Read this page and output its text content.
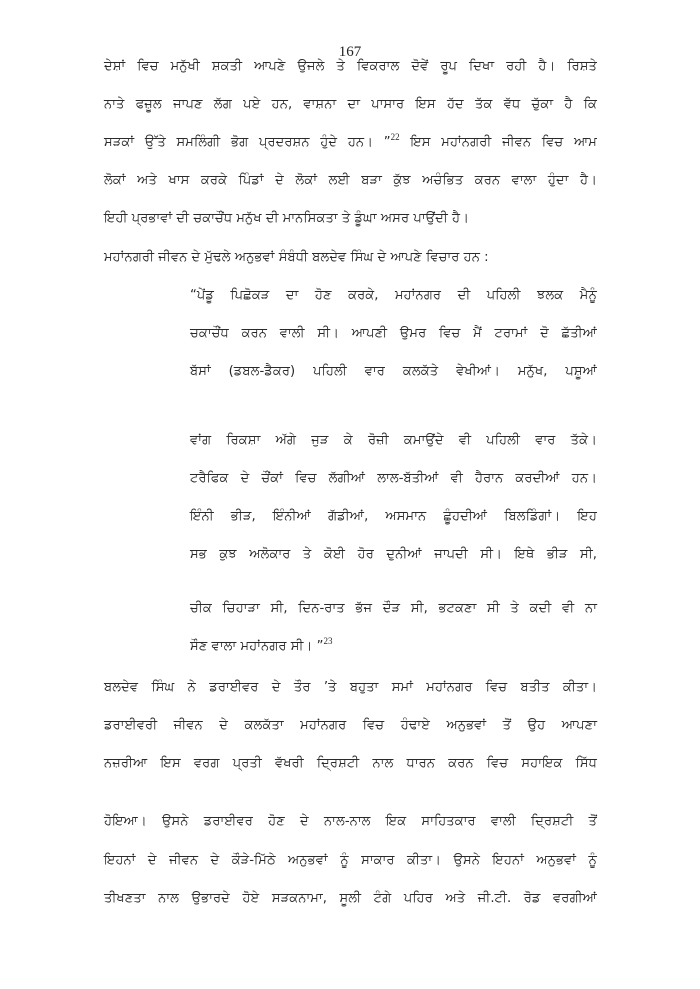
167
ਦੇਸ਼ਾਂ ਵਿਚ ਮਨੁੱਖੀ ਸ਼ਕਤੀ ਆਪਣੇ ਉਜਲੇ ਤੇ ਵਿਕਰਾਲ ਦੋਵੇਂ ਰੂਪ ਦਿਖਾ ਰਹੀ ਹੈ। ਰਿਸ਼ਤੇ
ਨਾਤੇ ਫਜ਼ੂਲ ਜਾਪਣ ਲੱਗ ਪਏ ਹਨ, ਵਾਸ਼ਨਾ ਦਾ ਪਾਸਾਰ ਇਸ ਹੱਦ ਤੱਕ ਵੱਧ ਚੁੱਕਾ ਹੈ ਕਿ
ਸੜਕਾਂ ਉੱਤੇ ਸਮਲਿੰਗੀ ਭੋਗ ਪ੍ਰਦਰਸ਼ਨ ਹੁੰਦੇ ਹਨ। ”$^{22}$ ਇਸ ਮਹਾਂਨਗਰੀ ਜੀਵਨ ਵਿਚ ਆਮ
ਲੋਕਾਂ ਅਤੇ ਖਾਸ ਕਰਕੇ ਪਿੰਡਾਂ ਦੇ ਲੋਕਾਂ ਲਈ ਬੜਾ ਕੁੱਝ ਅਚੰਭਿਤ ਕਰਨ ਵਾਲਾ ਹੁੰਦਾ ਹੈ।
ਇਹੀ ਪ੍ਰਭਾਵਾਂ ਦੀ ਚਕਾਚੌਂਧ ਮਨੁੱਖ ਦੀ ਮਾਨਸਿਕਤਾ ਤੇ ਡੂੰਘਾ ਅਸਰ ਪਾਉਂਦੀ ਹੈ।
ਮਹਾਂਨਗਰੀ ਜੀਵਨ ਦੇ ਮੁੱਢਲੇ ਅਨੁਭਵਾਂ ਸੰਬੰਧੀ ਬਲਦੇਵ ਸਿੰਘ ਦੇ ਆਪਣੇ ਵਿਚਾਰ ਹਨ :
“ਪੇਂਡੂ ਪਿਛੋਕੜ ਦਾ ਹੋਣ ਕਰਕੇ, ਮਹਾਂਨਗਰ ਦੀ ਪਹਿਲੀ ਝਲਕ ਮੈਨੂੰ
ਚਕਾਚੌਂਧ ਕਰਨ ਵਾਲੀ ਸੀ। ਆਪਣੀ ਉਮਰ ਵਿਚ ਮੈਂ ਟਰਾਮਾਂ ਦੋ ਛੱਤੀਆਂ
ਬੱਸਾਂ (ਡਬਲ-ਡੈਕਰ) ਪਹਿਲੀ ਵਾਰ ਕਲਕੱਤੇ ਵੇਖੀਆਂ। ਮਨੁੱਖ, ਪਸ਼ੂਆਂ
ਵਾਂਗ ਰਿਕਸ਼ਾ ਅੱਗੇ ਜੁੜ ਕੇ ਰੋਜ਼ੀ ਕਮਾਉਂਦੇ ਵੀ ਪਹਿਲੀ ਵਾਰ ਤੱਕੇ।
ਟਰੈਫਿਕ ਦੇ ਚੌਂਕਾਂ ਵਿਚ ਲੱਗੀਆਂ ਲਾਲ-ਬੱਤੀਆਂ ਵੀ ਹੈਰਾਨ ਕਰਦੀਆਂ ਹਨ।
ਇੰਨੀ ਭੀੜ, ਇੰਨੀਆਂ ਗੱਡੀਆਂ, ਅਸਮਾਨ ਛੂੰਹਦੀਆਂ ਬਿਲਡਿੰਗਾਂ। ਇਹ
ਸਭ ਕੁਝ ਅਲੋਕਾਰ ਤੇ ਕੋਈ ਹੋਰ ਦੁਨੀਆਂ ਜਾਪਦੀ ਸੀ। ਇਥੇ ਭੀੜ ਸੀ,
ਚੀਕ ਚਿਹਾੜਾ ਸੀ, ਦਿਨ-ਰਾਤ ਭੱਜ ਦੌੜ ਸੀ, ਭਟਕਣਾ ਸੀ ਤੇ ਕਦੀ ਵੀ ਨਾ
ਸੌਣ ਵਾਲਾ ਮਹਾਂਨਗਰ ਸੀ। ”$^{23}$
ਬਲਦੇਵ ਸਿੰਘ ਨੇ ਡਰਾਈਵਰ ਦੇ ਤੌਰ ’ਤੇ ਬਹੁਤਾ ਸਮਾਂ ਮਹਾਂਨਗਰ ਵਿਚ ਬਤੀਤ ਕੀਤਾ।
ਡਰਾਈਵਰੀ ਜੀਵਨ ਦੇ ਕਲਕੱਤਾ ਮਹਾਂਨਗਰ ਵਿਚ ਹੰਢਾਏ ਅਨੁਭਵਾਂ ਤੋਂ ਉਹ ਆਪਣਾ
ਨਜ਼ਰੀਆ ਇਸ ਵਰਗ ਪ੍ਰਤੀ ਵੱਖਰੀ ਦ੍ਰਿਸ਼ਟੀ ਨਾਲ ਧਾਰਨ ਕਰਨ ਵਿਚ ਸਹਾਇਕ ਸਿੱਧ
ਹੋਇਆ। ਉਸਨੇ ਡਰਾਈਵਰ ਹੋਣ ਦੇ ਨਾਲ-ਨਾਲ ਇਕ ਸਾਹਿਤਕਾਰ ਵਾਲੀ ਦ੍ਰਿਸ਼ਟੀ ਤੋਂ
ਇਹਨਾਂ ਦੇ ਜੀਵਨ ਦੇ ਕੌੜੇ-ਮਿੱਠੇ ਅਨੁਭਵਾਂ ਨੂੰ ਸਾਕਾਰ ਕੀਤਾ। ਉਸਨੇ ਇਹਨਾਂ ਅਨੁਭਵਾਂ ਨੂੰ
ਤੀਖਣਤਾ ਨਾਲ ਉਭਾਰਦੇ ਹੋਏ ਸੜਕਨਾਮਾ, ਸੂਲੀ ਟੰਗੇ ਪਹਿਰ ਅਤੇ ਜੀ.ਟੀ. ਰੋਡ ਵਰਗੀਆਂ
